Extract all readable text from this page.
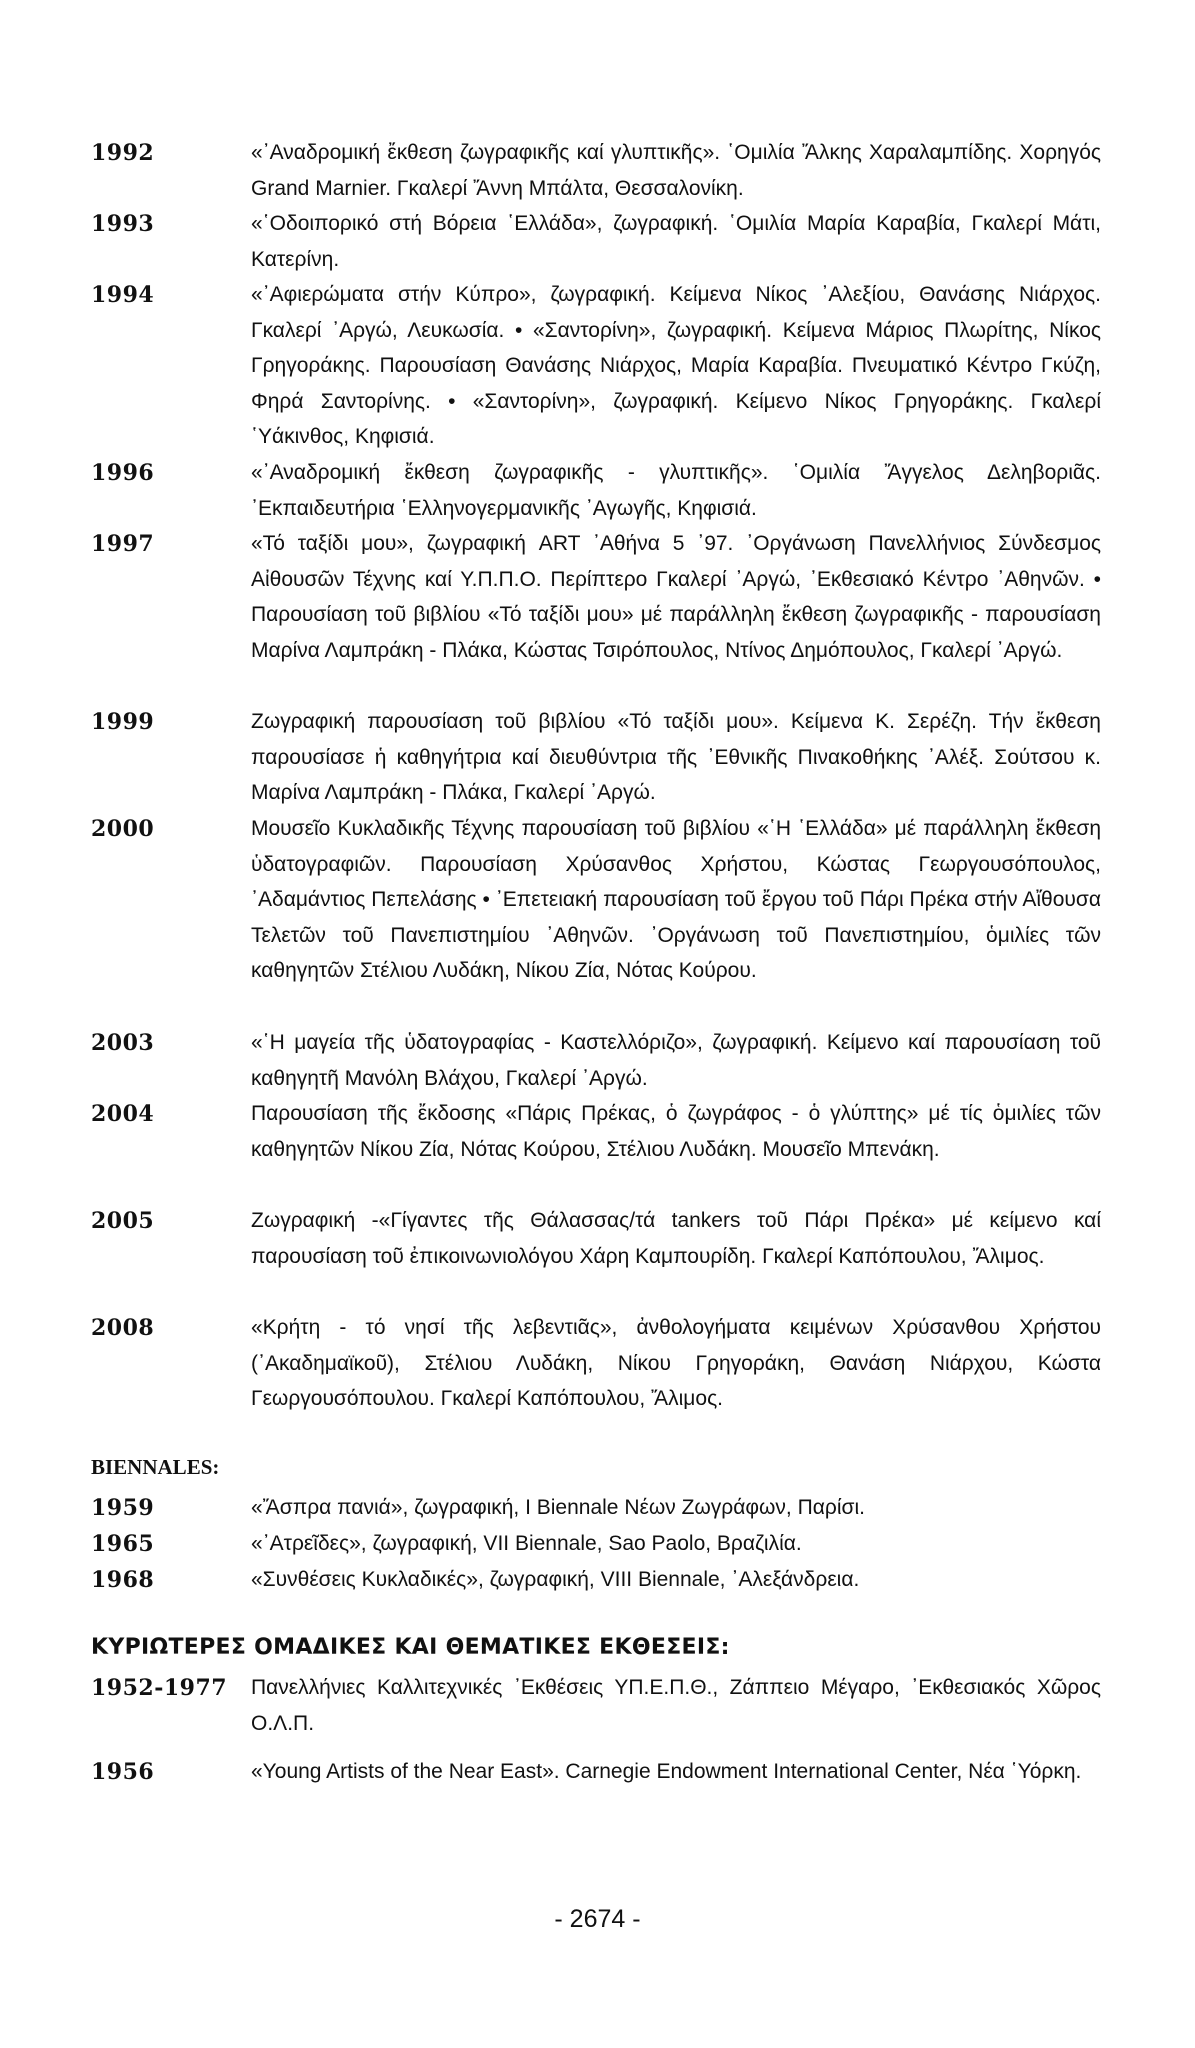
1992	«᾿Αναδρομική ἔκθεση ζωγραφικῆς καί γλυπτικῆς». ῾Ομιλία Ἄλκης Χαραλαμπίδης. Χορηγός Grand Marnier. Γκαλερί Ἄννη Μπάλτα, Θεσσαλονίκη.
1993	«῾Οδοιπορικό στή Βόρεια ῾Ελλάδα», ζωγραφική. ῾Ομιλία Μαρία Καραβία, Γκαλερί Μάτι, Κατερίνη.
1994	«᾿Αφιερώματα στήν Κύπρο», ζωγραφική. Κείμενα Νίκος ᾿Αλεξίου, Θανάσης Νιάρχος. Γκαλερί ᾿Αργώ, Λευκωσία. • «Σαντορίνη», ζωγραφική. Κείμενα Μάριος Πλωρίτης, Νίκος Γρηγοράκης. Παρουσίαση Θανάσης Νιάρχος, Μαρία Καραβία. Πνευματικό Κέντρο Γκύζη, Φηρά Σαντορίνης. • «Σαντορίνη», ζωγραφική. Κείμενο Νίκος Γρηγοράκης. Γκαλερί ῾Υάκινθος, Κηφισιά.
1996	«᾿Αναδρομική ἔκθεση ζωγραφικῆς - γλυπτικῆς». ῾Ομιλία Ἄγγελος Δεληβοριᾶς. ᾿Εκπαιδευτήρια ῾Ελληνογερμανικῆς ᾿Αγωγῆς, Κηφισιά.
1997	«Τό ταξίδι μου», ζωγραφική ART ᾿Αθήνα 5 ᾿97. ᾿Οργάνωση Πανελλήνιος Σύνδεσμος Αἰθουσῶν Τέχνης καί Υ.Π.Π.Ο. Περίπτερο Γκαλερί ᾿Αργώ, ᾿Εκθεσιακό Κέντρο ᾿Αθηνῶν. • Παρουσίαση τοῦ βιβλίου «Τό ταξίδι μου» μέ παράλληλη ἔκθεση ζωγραφικῆς - παρουσίαση Μαρίνα Λαμπράκη - Πλάκα, Κώστας Τσιρόπουλος, Ντίνος Δημόπουλος, Γκαλερί ᾿Αργώ.
1999	Ζωγραφική παρουσίαση τοῦ βιβλίου «Τό ταξίδι μου». Κείμενα Κ. Σερέζη. Τήν ἔκθεση παρουσίασε ἡ καθηγήτρια καί διευθύντρια τῆς ᾿Εθνικῆς Πινακοθήκης ᾿Αλέξ. Σούτσου κ. Μαρίνα Λαμπράκη - Πλάκα, Γκαλερί ᾿Αργώ.
2000	Μουσεῖο Κυκλαδικῆς Τέχνης παρουσίαση τοῦ βιβλίου «῾Η ῾Ελλάδα» μέ παράλληλη ἔκθεση ὑδατογραφιῶν. Παρουσίαση Χρύσανθος Χρήστου, Κώστας Γεωργουσόπουλος, ᾿Αδαμάντιος Πεπελάσης • ᾿Επετειακή παρουσίαση τοῦ ἔργου τοῦ Πάρι Πρέκα στήν Αἴθουσα Τελετῶν τοῦ Πανεπιστημίου ᾿Αθηνῶν. ᾿Οργάνωση τοῦ Πανεπιστημίου, ὁμιλίες τῶν καθηγητῶν Στέλιου Λυδάκη, Νίκου Ζία, Νότας Κούρου.
2003	«῾Η μαγεία τῆς ὑδατογραφίας - Καστελλόριζο», ζωγραφική. Κείμενο καί παρουσίαση τοῦ καθηγητῆ Μανόλη Βλάχου, Γκαλερί ᾿Αργώ.
2004	Παρουσίαση τῆς ἔκδοσης «Πάρις Πρέκας, ὁ ζωγράφος - ὁ γλύπτης» μέ τίς ὁμιλίες τῶν καθηγητῶν Νίκου Ζία, Νότας Κούρου, Στέλιου Λυδάκη. Μουσεῖο Μπενάκη.
2005	Ζωγραφική -«Γίγαντες τῆς Θάλασσας/τά tankers τοῦ Πάρι Πρέκα» μέ κείμενο καί παρουσίαση τοῦ ἐπικοινωνιολόγου Χάρη Καμπουρίδη. Γκαλερί Καπόπουλου, Ἄλιμος.
2008	«Κρήτη - τό νησί τῆς λεβεντιᾶς», ἀνθολογήματα κειμένων Χρύσανθου Χρήστου (᾿Ακαδημαϊκοῦ), Στέλιου Λυδάκη, Νίκου Γρηγοράκη, Θανάση Νιάρχου, Κώστα Γεωργουσόπουλου. Γκαλερί Καπόπουλου, Ἄλιμος.
BIENNALES:
1959	«Ἄσπρα πανιά», ζωγραφική, I Biennale Νέων Ζωγράφων, Παρίσι.
1965	«᾿Ατρεῖδες», ζωγραφική, VII Biennale, Sao Paolo, Βραζιλία.
1968	«Συνθέσεις Κυκλαδικές», ζωγραφική, VIII Biennale, ᾿Αλεξάνδρεια.
ΚΥΡΙΩΤΕΡΕΣ ΟΜΑΔΙΚΕΣ ΚΑΙ ΘΕΜΑΤΙΚΕΣ ΕΚΘΕΣΕΙΣ:
1952-1977 Πανελλήνιες Καλλιτεχνικές ᾿Εκθέσεις ΥΠ.Ε.Π.Θ., Ζάππειο Μέγαρο, ᾿Εκθεσιακός Χῶρος Ο.Λ.Π.
1956	«Young Artists of the Near East». Carnegie Endowment International Center, Νέα ῾Υόρκη.
- 2674 -
